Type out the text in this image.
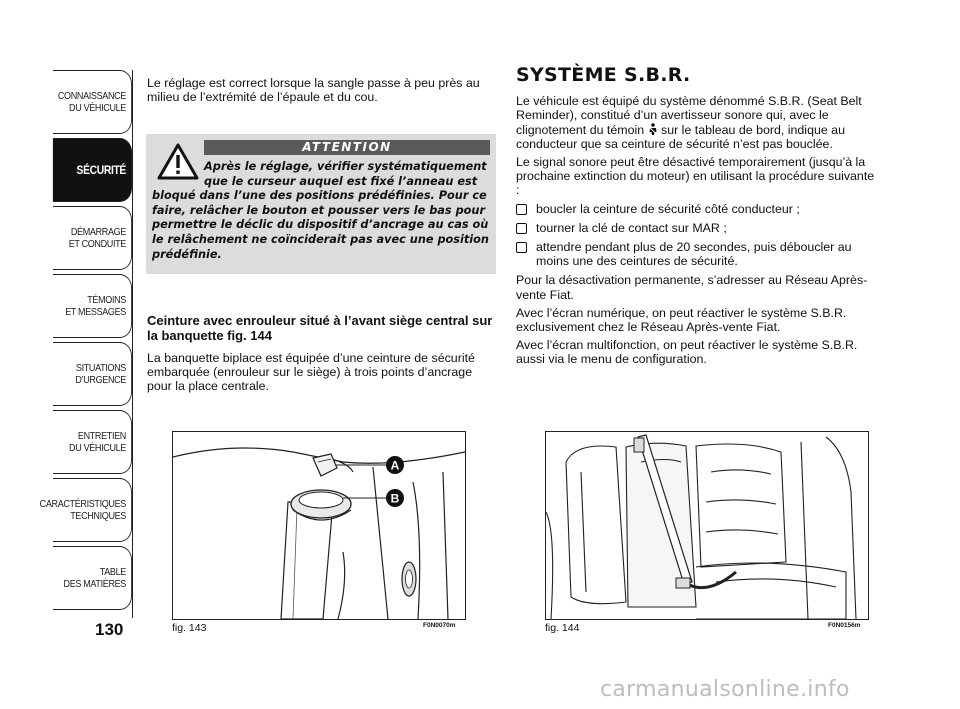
CONNAISSANCE
DU VÉHICULE
SÉCURITÉ
DÉMARRAGE
ET CONDUITE
TÉMOINS
ET MESSAGES
SITUATIONS
D’URGENCE
ENTRETIEN
DU VÉHICULE
CARACTÉRISTIQUES
TECHNIQUES
TABLE
DES MATIÈRES
130

Le réglage est correct lorsque la sangle passe à peu près au milieu de l’extrémité de l’épaule et du cou.

ATTENTION
Après le réglage, vérifier systématiquement
que le curseur auquel est fixé l’anneau est
bloqué dans l’une des positions prédéfinies. Pour ce faire, relâcher le bouton et pousser vers le bas pour permettre le déclic du dispositif d’ancrage au cas où le relâchement ne coïnciderait pas avec une position prédéfinie.

Ceinture avec enrouleur situé à l’avant siège central sur la banquette fig. 144

La banquette biplace est équipée d’une ceinture de sécurité embarquée (enrouleur sur le siège) à trois points d’ancrage pour la place centrale.

SYSTÈME S.B.R.

Le véhicule est équipé du système dénommé S.B.R. (Seat Belt Reminder), constitué d’un avertisseur sonore qui, avec le clignotement du témoin sur le tableau de bord, indique au conducteur que sa ceinture de sécurité n’est pas bouclée.

Le signal sonore peut être désactivé temporairement (jusqu’à la prochaine extinction du moteur) en utilisant la procédure suivante :

boucler la ceinture de sécurité côté conducteur ;
tourner la clé de contact sur MAR ;
attendre pendant plus de 20 secondes, puis déboucler au moins une des ceintures de sécurité.

Pour la désactivation permanente, s’adresser au Réseau Après-vente Fiat.

Avec l’écran numérique, on peut réactiver le système S.B.R. exclusivement chez le Réseau Après-vente Fiat.

Avec l’écran multifonction, on peut réactiver le système S.B.R. aussi via le menu de configuration.

A
B
fig. 143	F0N0070m	fig. 144	F0N0156m
carmanualsonline.info
